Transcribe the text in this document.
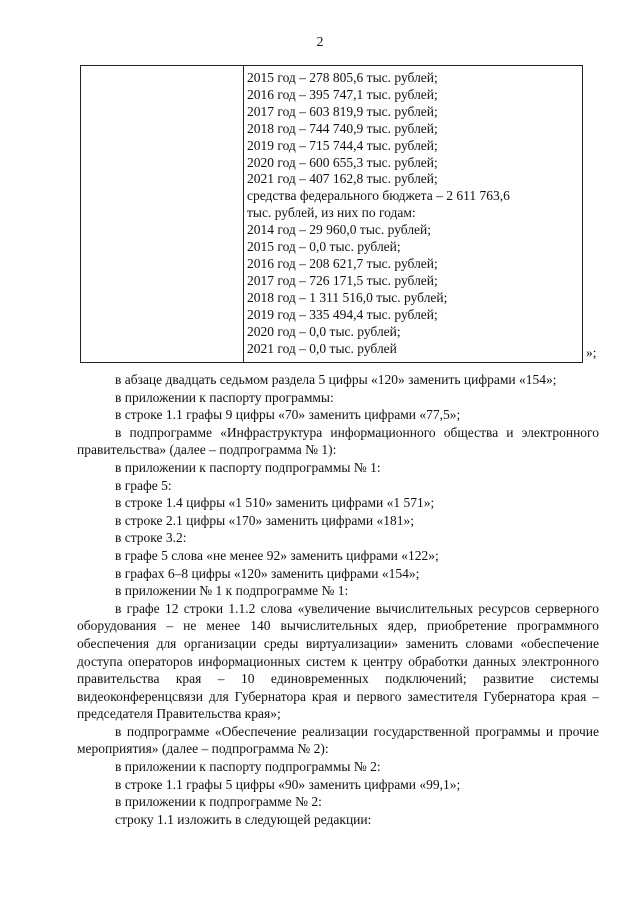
2
2015 год – 278 805,6 тыс. рублей;
2016 год – 395 747,1 тыс. рублей;
2017 год – 603 819,9 тыс. рублей;
2018 год – 744 740,9 тыс. рублей;
2019 год – 715 744,4 тыс. рублей;
2020 год – 600 655,3 тыс. рублей;
2021 год – 407 162,8 тыс. рублей;
средства федерального бюджета – 2 611 763,6
тыс. рублей, из них по годам:
2014 год – 29 960,0 тыс. рублей;
2015 год – 0,0 тыс. рублей;
2016 год – 208 621,7 тыс. рублей;
2017 год – 726 171,5 тыс. рублей;
2018 год – 1 311 516,0 тыс. рублей;
2019 год – 335 494,4 тыс. рублей;
2020 год – 0,0 тыс. рублей;
2021 год – 0,0 тыс. рублей	»;

в абзаце двадцать седьмом раздела 5 цифры «120» заменить цифрами «154»;

в приложении к паспорту программы:

в строке 1.1 графы 9 цифры «70» заменить цифрами «77,5»;

в подпрограмме «Инфраструктура информационного общества и электронного правительства» (далее – подпрограмма № 1):

в приложении к паспорту подпрограммы № 1:

в графе 5:

в строке 1.4 цифры «1 510» заменить цифрами «1 571»;

в строке 2.1 цифры «170» заменить цифрами «181»;

в строке 3.2:

в графе 5 слова «не менее 92» заменить цифрами «122»;

в графах 6–8 цифры «120» заменить цифрами «154»;

в приложении № 1 к подпрограмме № 1:

в графе 12 строки 1.1.2 слова «увеличение вычислительных ресурсов серверного оборудования – не менее 140 вычислительных ядер, приобретение программного обеспечения для организации среды виртуализации» заменить словами «обеспечение доступа операторов информационных систем к центру обработки данных электронного правительства края – 10 единовременных подключений; развитие системы видеоконференцсвязи для Губернатора края и первого заместителя Губернатора края – председателя Правительства края»;

в подпрограмме «Обеспечение реализации государственной программы и прочие мероприятия» (далее – подпрограмма № 2):

в приложении к паспорту подпрограммы № 2:

в строке 1.1 графы 5 цифры «90» заменить цифрами «99,1»;

в приложении к подпрограмме № 2:

строку 1.1 изложить в следующей редакции:
